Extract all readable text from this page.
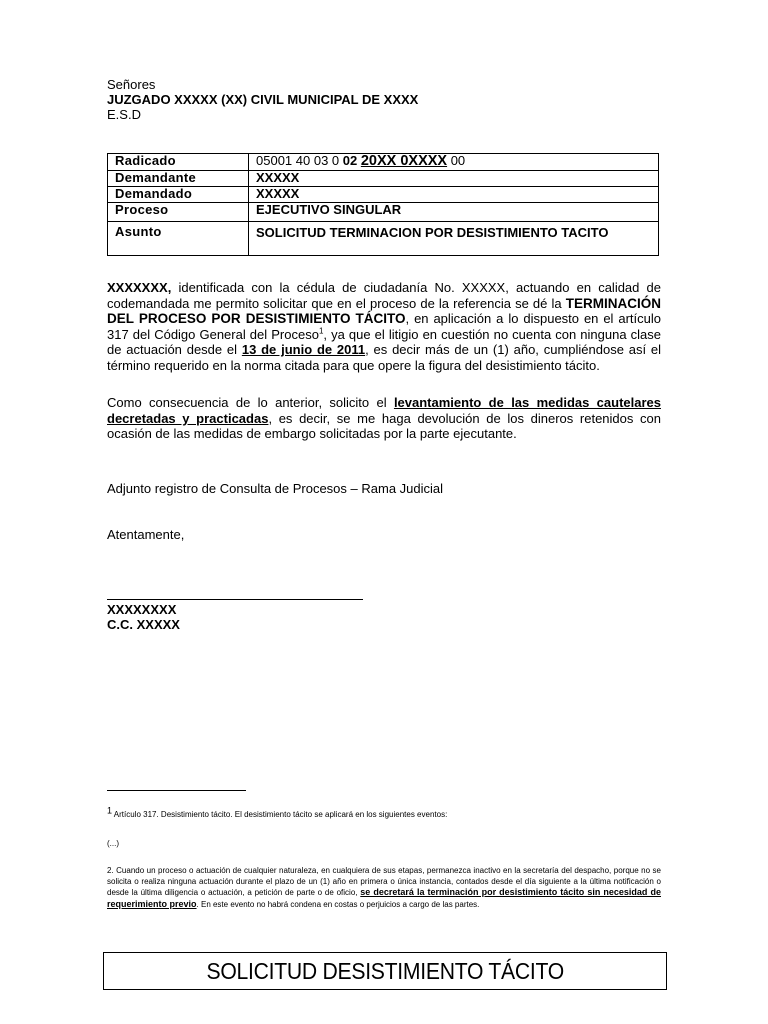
Señores
JUZGADO XXXXX (XX) CIVIL MUNICIPAL DE XXXX
E.S.D
Radicado	05001 40 03 0 02 20XX 0XXXX 00
Demandante	XXXXX
Demandado	XXXXX
Proceso	EJECUTIVO SINGULAR
Asunto	SOLICITUD TERMINACION POR DESISTIMIENTO TACITO
XXXXXXX, identificada con la cédula de ciudadanía No. XXXXX, actuando en calidad de codemandada me permito solicitar que en el proceso de la referencia se dé la TERMINACIÓN DEL PROCESO POR DESISTIMIENTO TÁCITO, en aplicación a lo dispuesto en el artículo 317 del Código General del Proceso$^1$, ya que el litigio en cuestión no cuenta con ninguna clase de actuación desde el 13 de junio de 2011, es decir más de un (1) año, cumpliéndose así el término requerido en la norma citada para que opere la figura del desistimiento tácito.
Como consecuencia de lo anterior, solicito el levantamiento de las medidas cautelares decretadas y practicadas, es decir, se me haga devolución de los dineros retenidos con ocasión de las medidas de embargo solicitadas por la parte ejecutante.
Adjunto registro de Consulta de Procesos – Rama Judicial
Atentamente,
XXXXXXXX
C.C. XXXXX
$^1$ Artículo 317. Desistimiento tácito. El desistimiento tácito se aplicará en los siguientes eventos:
(...)
2. Cuando un proceso o actuación de cualquier naturaleza, en cualquiera de sus etapas, permanezca inactivo en la secretaría del despacho, porque no se solicita o realiza ninguna actuación durante el plazo de un (1) año en primera o única instancia, contados desde el día siguiente a la última notificación o desde la última diligencia o actuación, a petición de parte o de oficio, se decretará la terminación por desistimiento tácito sin necesidad de requerimiento previo. En este evento no habrá condena en costas o perjuicios a cargo de las partes.
SOLICITUD DESISTIMIENTO TÁCITO
